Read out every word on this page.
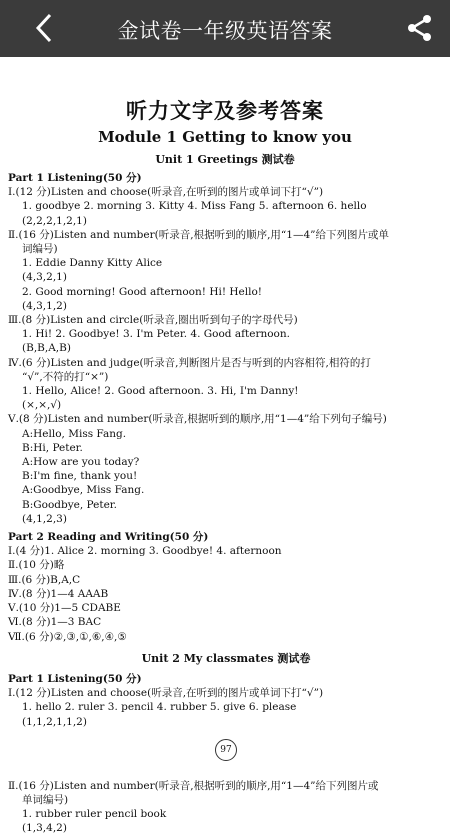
金试卷一年级英语答案
听力文字及参考答案
Module 1 Getting to know you
Unit 1 Greetings 测试卷
Part 1 Listening(50 分)
Ⅰ.(12 分)Listen and choose(听录音,在听到的图片或单词下打“√”)
1. goodbye 2. morning 3. Kitty 4. Miss Fang 5. afternoon 6. hello
(2,2,2,1,2,1)
Ⅱ.(16 分)Listen and number(听录音,根据听到的顺序,用“1—4”给下列图片或单
词编号)
1. Eddie Danny Kitty Alice
(4,3,2,1)
2. Good morning! Good afternoon! Hi! Hello!
(4,3,1,2)
Ⅲ.(8 分)Listen and circle(听录音,圈出听到句子的字母代号)
1. Hi! 2. Goodbye! 3. I'm Peter. 4. Good afternoon.
(B,B,A,B)
Ⅳ.(6 分)Listen and judge(听录音,判断图片是否与听到的内容相符,相符的打
“√”,不符的打“×”)
1. Hello, Alice! 2. Good afternoon. 3. Hi, I'm Danny!
(×,×,√)
Ⅴ.(8 分)Listen and number(听录音,根据听到的顺序,用“1—4”给下列句子编号)
A:Hello, Miss Fang.
B:Hi, Peter.
A:How are you today?
B:I'm fine, thank you!
A:Goodbye, Miss Fang.
B:Goodbye, Peter.
(4,1,2,3)
Part 2 Reading and Writing(50 分)
Ⅰ.(4 分)1. Alice 2. morning 3. Goodbye! 4. afternoon
Ⅱ.(10 分)略
Ⅲ.(6 分)B,A,C
Ⅳ.(8 分)1—4 AAAB
Ⅴ.(10 分)1—5 CDABE
Ⅵ.(8 分)1—3 BAC
Ⅶ.(6 分)②,③,①,⑥,④,⑤
Unit 2 My classmates 测试卷
Part 1 Listening(50 分)
Ⅰ.(12 分)Listen and choose(听录音,在听到的图片或单词下打“√”)
1. hello 2. ruler 3. pencil 4. rubber 5. give 6. please
(1,1,2,1,1,2)
97
Ⅱ.(16 分)Listen and number(听录音,根据听到的顺序,用“1—4”给下列图片或
单词编号)
1. rubber ruler pencil book
(1,3,4,2)
